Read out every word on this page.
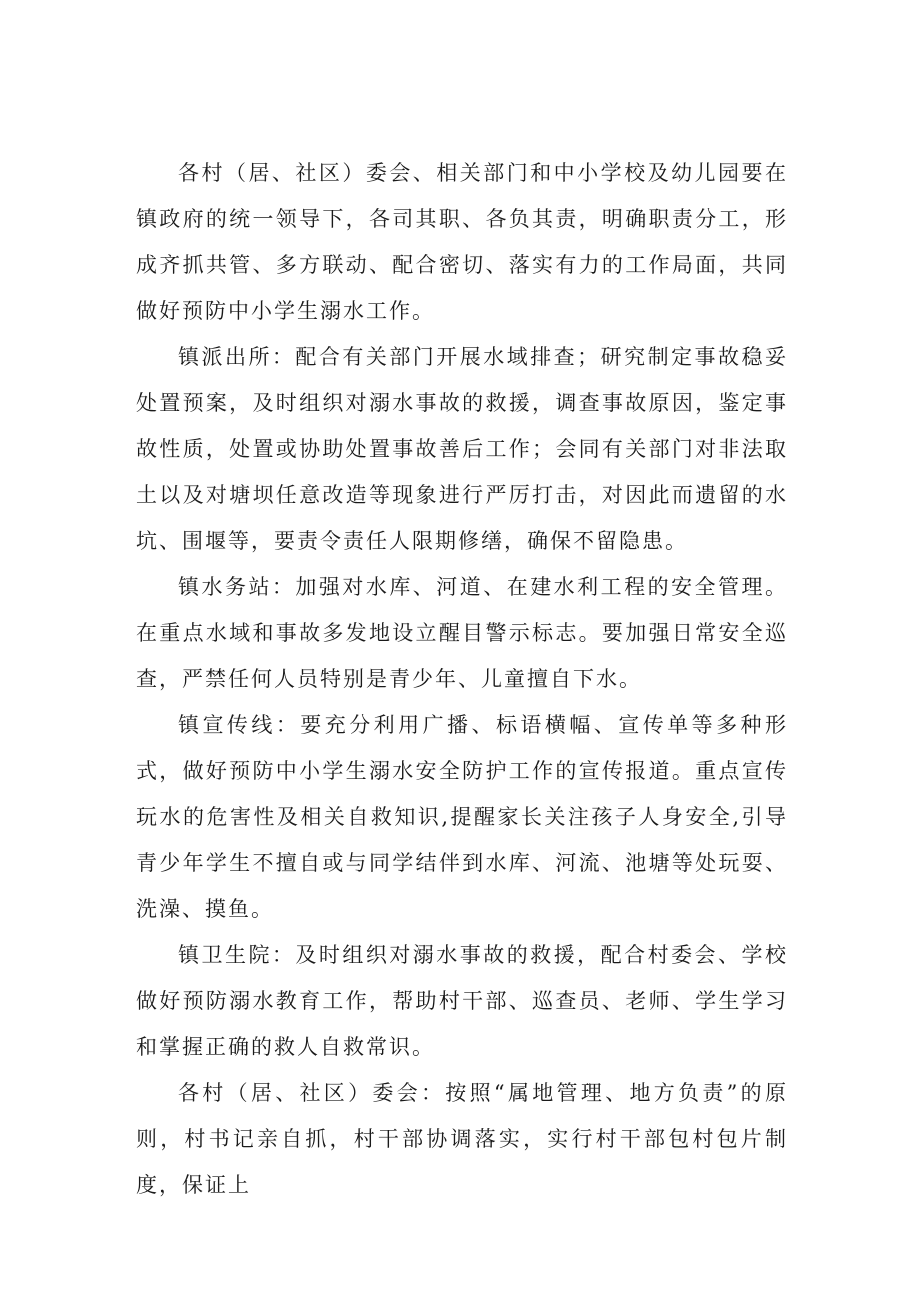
各村（居、社区）委会、相关部门和中小学校及幼儿园要在镇政府的统一领导下，各司其职、各负其责，明确职责分工，形成齐抓共管、多方联动、配合密切、落实有力的工作局面，共同做好预防中小学生溺水工作。

镇派出所：配合有关部门开展水域排查；研究制定事故稳妥处置预案，及时组织对溺水事故的救援，调查事故原因，鉴定事故性质，处置或协助处置事故善后工作；会同有关部门对非法取土以及对塘坝任意改造等现象进行严厉打击，对因此而遗留的水坑、围堰等，要责令责任人限期修缮，确保不留隐患。

镇水务站：加强对水库、河道、在建水利工程的安全管理。在重点水域和事故多发地设立醒目警示标志。要加强日常安全巡查，严禁任何人员特别是青少年、儿童擅自下水。

镇宣传线：要充分利用广播、标语横幅、宣传单等多种形式，做好预防中小学生溺水安全防护工作的宣传报道。重点宣传玩水的危害性及相关自救知识,提醒家长关注孩子人身安全,引导青少年学生不擅自或与同学结伴到水库、河流、池塘等处玩耍、洗澡、摸鱼。

镇卫生院：及时组织对溺水事故的救援，配合村委会、学校做好预防溺水教育工作，帮助村干部、巡查员、老师、学生学习和掌握正确的救人自救常识。

各村（居、社区）委会：按照“属地管理、地方负责”的原则，村书记亲自抓，村干部协调落实，实行村干部包村包片制度，保证上
